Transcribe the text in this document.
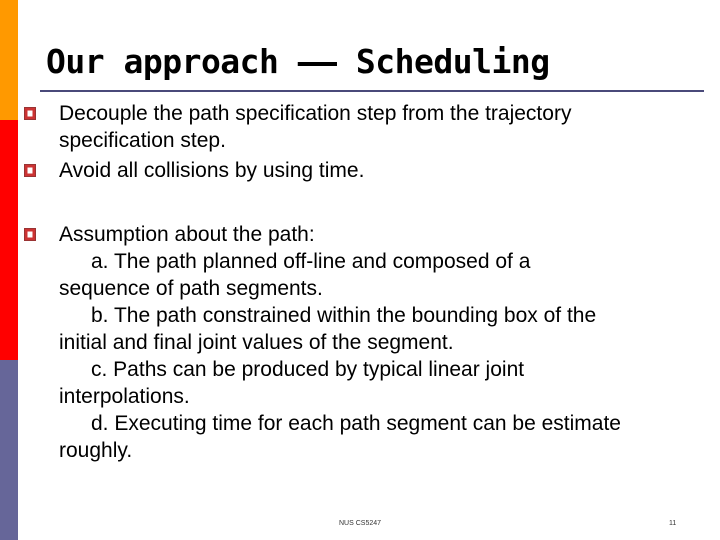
Our approach —— Scheduling
Decouple the path specification step from the trajectory
specification step.
Avoid all collisions by using time.
Assumption about the path:
a. The path planned off-line and composed of a
sequence of path segments.
b. The path constrained within the bounding box of the
initial and final joint values of the segment.
c. Paths can be produced by typical linear joint
interpolations.
d. Executing time for each path segment can be estimate
roughly.
NUS CS5247	11
